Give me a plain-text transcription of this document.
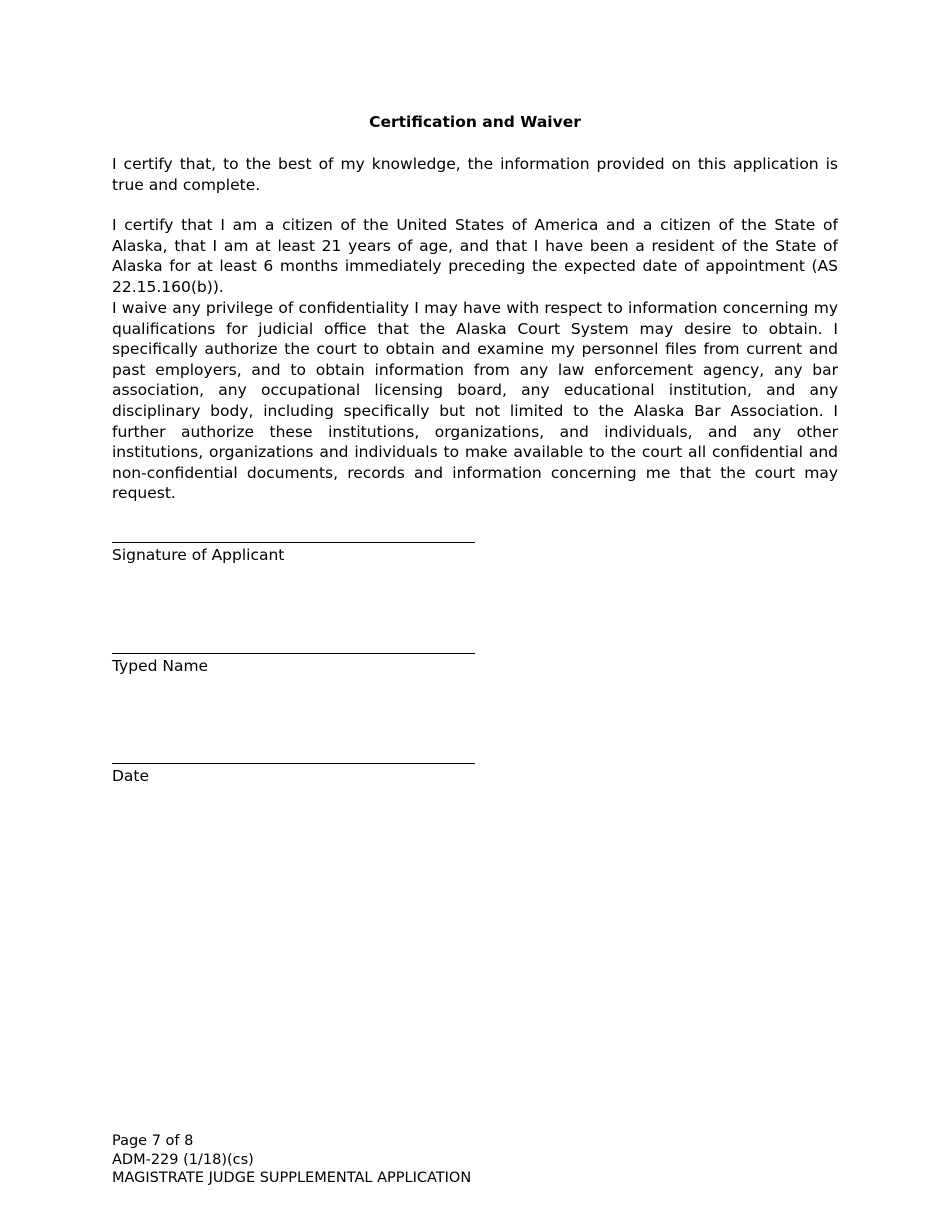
Certification and Waiver

I certify that, to the best of my knowledge, the information provided on this application is true and complete.

I certify that I am a citizen of the United States of America and a citizen of the State of Alaska, that I am at least 21 years of age, and that I have been a resident of the State of Alaska for at least 6 months immediately preceding the expected date of appointment (AS 22.15.160(b)).

I waive any privilege of confidentiality I may have with respect to information concerning my qualifications for judicial office that the Alaska Court System may desire to obtain. I specifically authorize the court to obtain and examine my personnel files from current and past employers, and to obtain information from any law enforcement agency, any bar association, any occupational licensing board, any educational institution, and any disciplinary body, including specifically but not limited to the Alaska Bar Association. I further authorize these institutions, organizations, and individuals, and any other institutions, organizations and individuals to make available to the court all confidential and non-confidential documents, records and information concerning me that the court may request.

Signature of Applicant
Typed Name
Date
Page 7 of 8
ADM-229 (1/18)(cs)
MAGISTRATE JUDGE SUPPLEMENTAL APPLICATION
